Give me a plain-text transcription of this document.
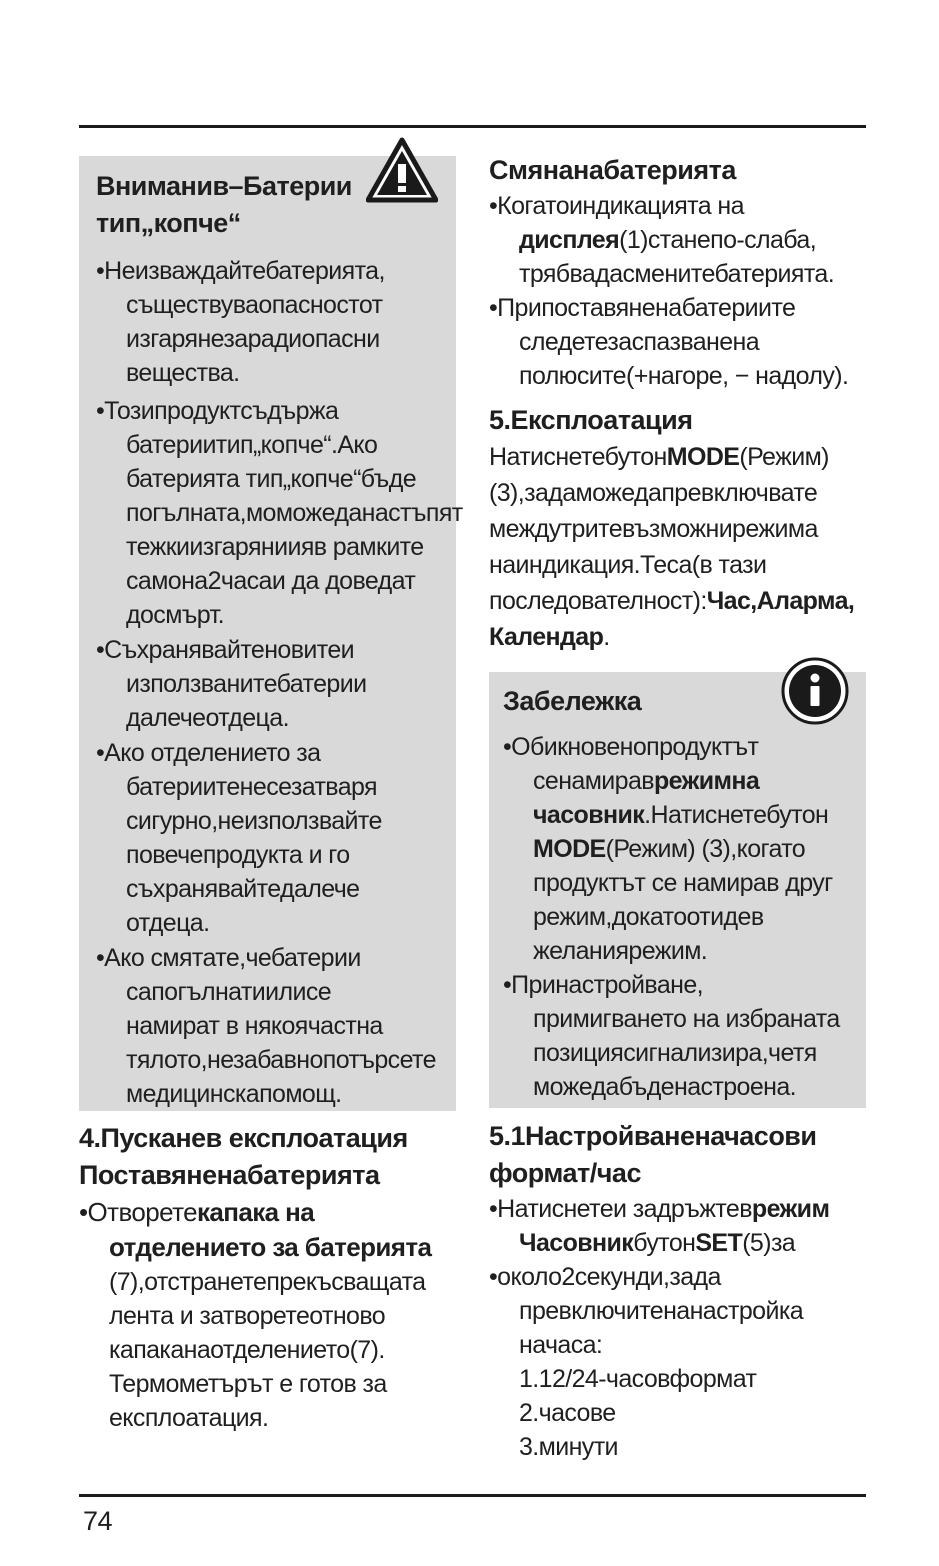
Вниманив–Батерии
тип„копче“
•Неизваждайтебатерията,
съществуваопасностот
изгарянезарадиопасни
вещества.
•Тозипродуктсъдържа
батериитип„копче“.Ако
батерията тип„копче“бъде
погълната,моможеданастъпят
тежкиизгаряниияв рамките
самона2часаи да доведат
досмърт.
•Съхранявайтеновитеи
използванитебатерии
далечеотдеца.
•Ако отделението за
батериитенесезатваря
сигурно,неизползвайте
повечепродукта и го
съхранявайтедалече
отдеца.
•Ако смятате,чебатерии
сапогълнатиилисе
намират в някоячастна
тялото,незабавнопотърсете
медицинскапомощ.
4.Пусканев експлоатация
Поставяненабатерията
•Отворетекапака на
отделението за батерията
(7),отстранетепрекъсващата
лента и затворетеотново
капаканаотделението(7).
Термометърът е готов за
експлоатация.
Смянанабатерията
•Когатоиндикацията на
дисплея(1)станепо-слаба,
трябвадасменитебатерията.
•Припоставяненабатериите
следетезаспазванена
полюсите(+нагоре, − надолу).
5.Експлоатация
НатиснетебутонMODE(Режим)
(3),задаможедапревключвате
междутритевъзможнирежима
наиндикация.Теса(в тази
последователност):Час,Аларма,
Календар.
Забележка
•Обикновенопродуктът
сенамираврежимна
часовник.Натиснетебутон
MODE(Режим) (3),когато
продуктът се намирав друг
режим,докатоотидев
желаниярежим.
•Принастройване,
примигването на избраната
позициясигнализира,четя
можедабъденастроена.
5.1Настройваненачасови
формат/час
•Натиснетеи задръжтеврежим
ЧасовникбутонSET(5)за
•около2секунди,зада
превключитенанастройка
начаса:
1.12/24-часовформат
2.часове
3.минути
74
